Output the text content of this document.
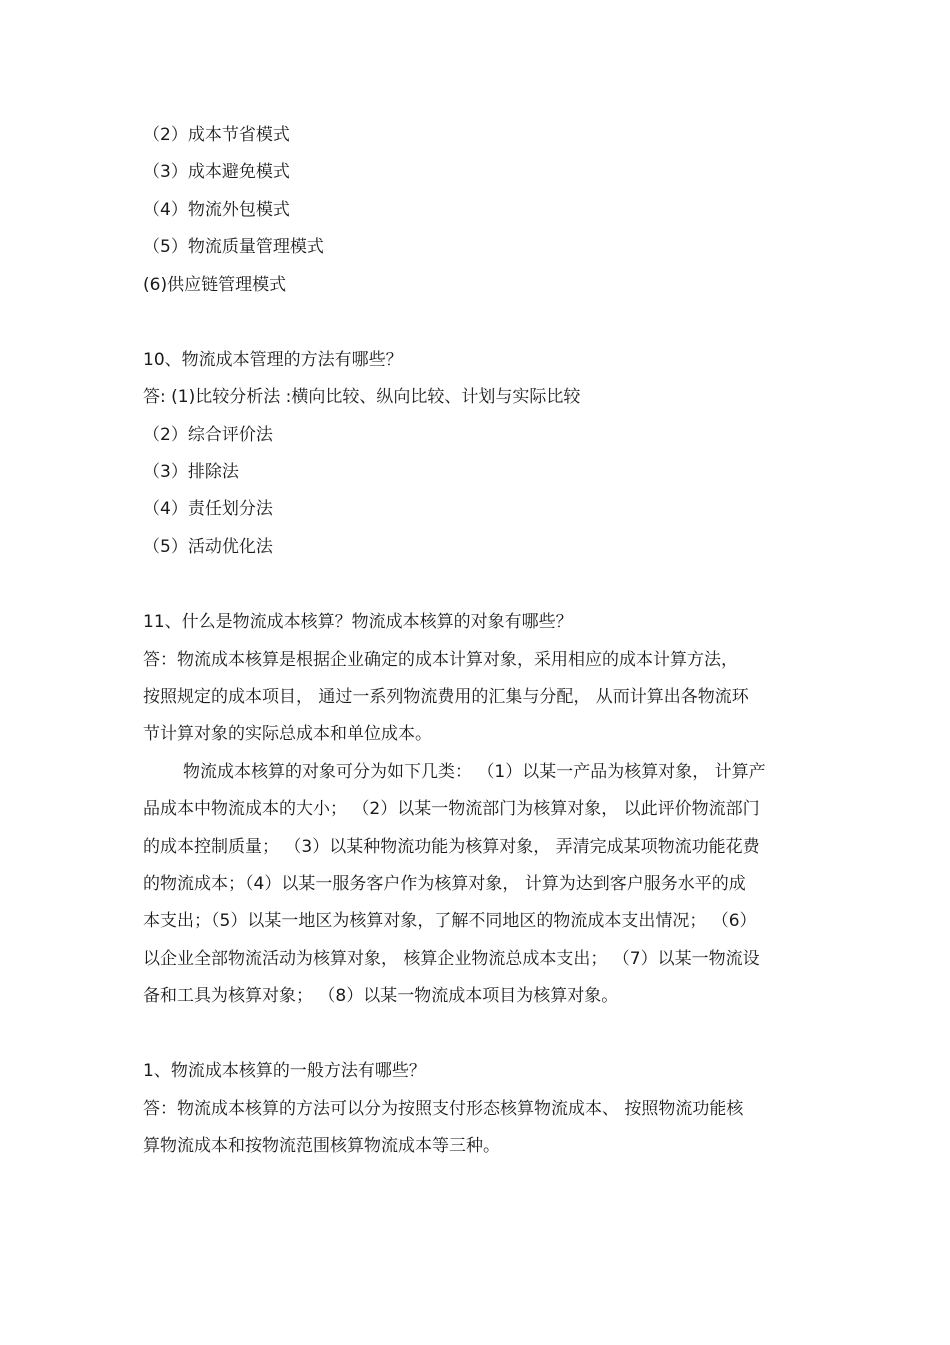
（2）成本节省模式
（3）成本避免模式
（4）物流外包模式
（5）物流质量管理模式
(6)供应链管理模式
10、物流成本管理的方法有哪些？
答: (1)比较分析法 :横向比较、纵向比较、计划与实际比较
（2）综合评价法
（3）排除法
（4）责任划分法
（5）活动优化法
11、什么是物流成本核算？物流成本核算的对象有哪些？
答：物流成本核算是根据企业确定的成本计算对象，采用相应的成本计算方法，
按照规定的成本项目， 通过一系列物流费用的汇集与分配， 从而计算出各物流环
节计算对象的实际总成本和单位成本。
物流成本核算的对象可分为如下几类： （1）以某一产品为核算对象， 计算产
品成本中物流成本的大小； （2）以某一物流部门为核算对象， 以此评价物流部门
的成本控制质量； （3）以某种物流功能为核算对象， 弄清完成某项物流功能花费
的物流成本；（4）以某一服务客户作为核算对象， 计算为达到客户服务水平的成
本支出；（5）以某一地区为核算对象，了解不同地区的物流成本支出情况； （6）
以企业全部物流活动为核算对象， 核算企业物流总成本支出； （7）以某一物流设
备和工具为核算对象； （8）以某一物流成本项目为核算对象。
1、物流成本核算的一般方法有哪些？
答：物流成本核算的方法可以分为按照支付形态核算物流成本、 按照物流功能核
算物流成本和按物流范围核算物流成本等三种。
